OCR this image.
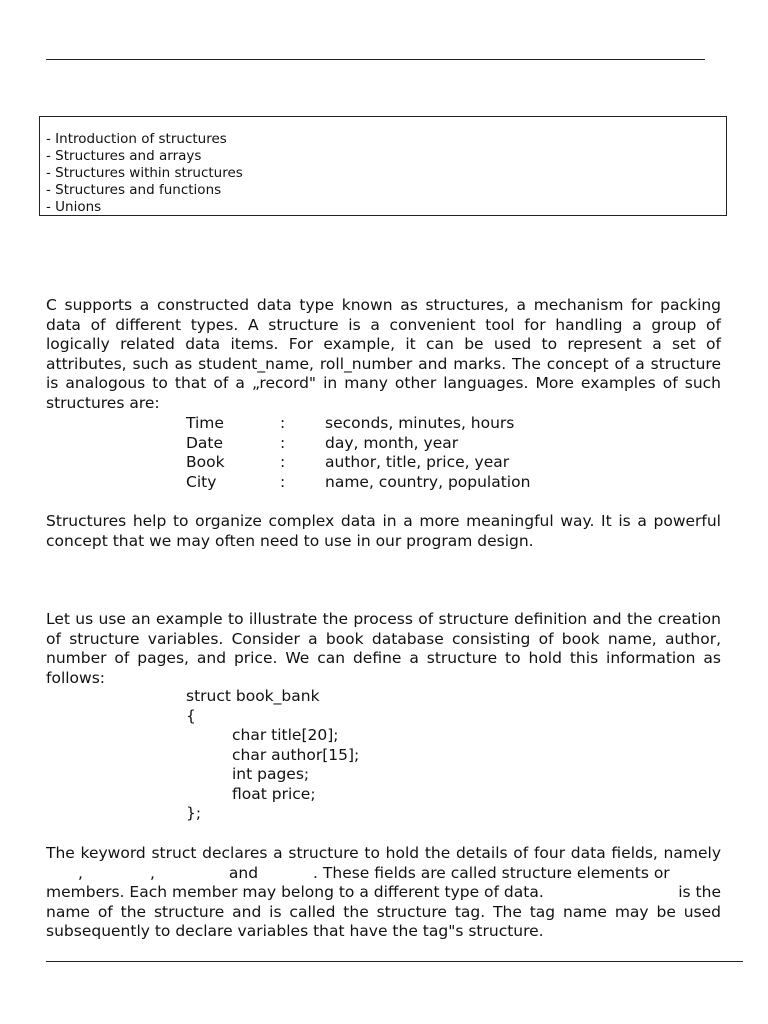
- Introduction of structures
- Structures and arrays
- Structures within structures
- Structures and functions
- Unions

C supports a constructed data type known as structures, a mechanism for packing data of different types. A structure is a convenient tool for handling a group of logically related data items. For example, it can be used to represent a set of attributes, such as student_name, roll_number and marks. The concept of a structure is analogous to that of a „record" in many other languages. More examples of such structures are:

Time	:	seconds, minutes, hours
Date	:	day, month, year
Book	:	author, title, price, year
City	:	name, country, population

Structures help to organize complex data in a more meaningful way. It is a powerful concept that we may often need to use in our program design.

Let us use an example to illustrate the process of structure definition and the creation of structure variables. Consider a book database consisting of book name, author, number of pages, and price. We can define a structure to hold this information as follows:

struct book_bank
{
char title[20];
char author[15];
int pages;
float price;
};
The keyword struct declares a structure to hold the details of four data fields, namely
,	,	and	. These fields are called structure elements or
members. Each member may belong to a different type of data.	is the
name of the structure and is called the structure tag. The tag name may be used subsequently to declare variables that have the tag"s structure.
